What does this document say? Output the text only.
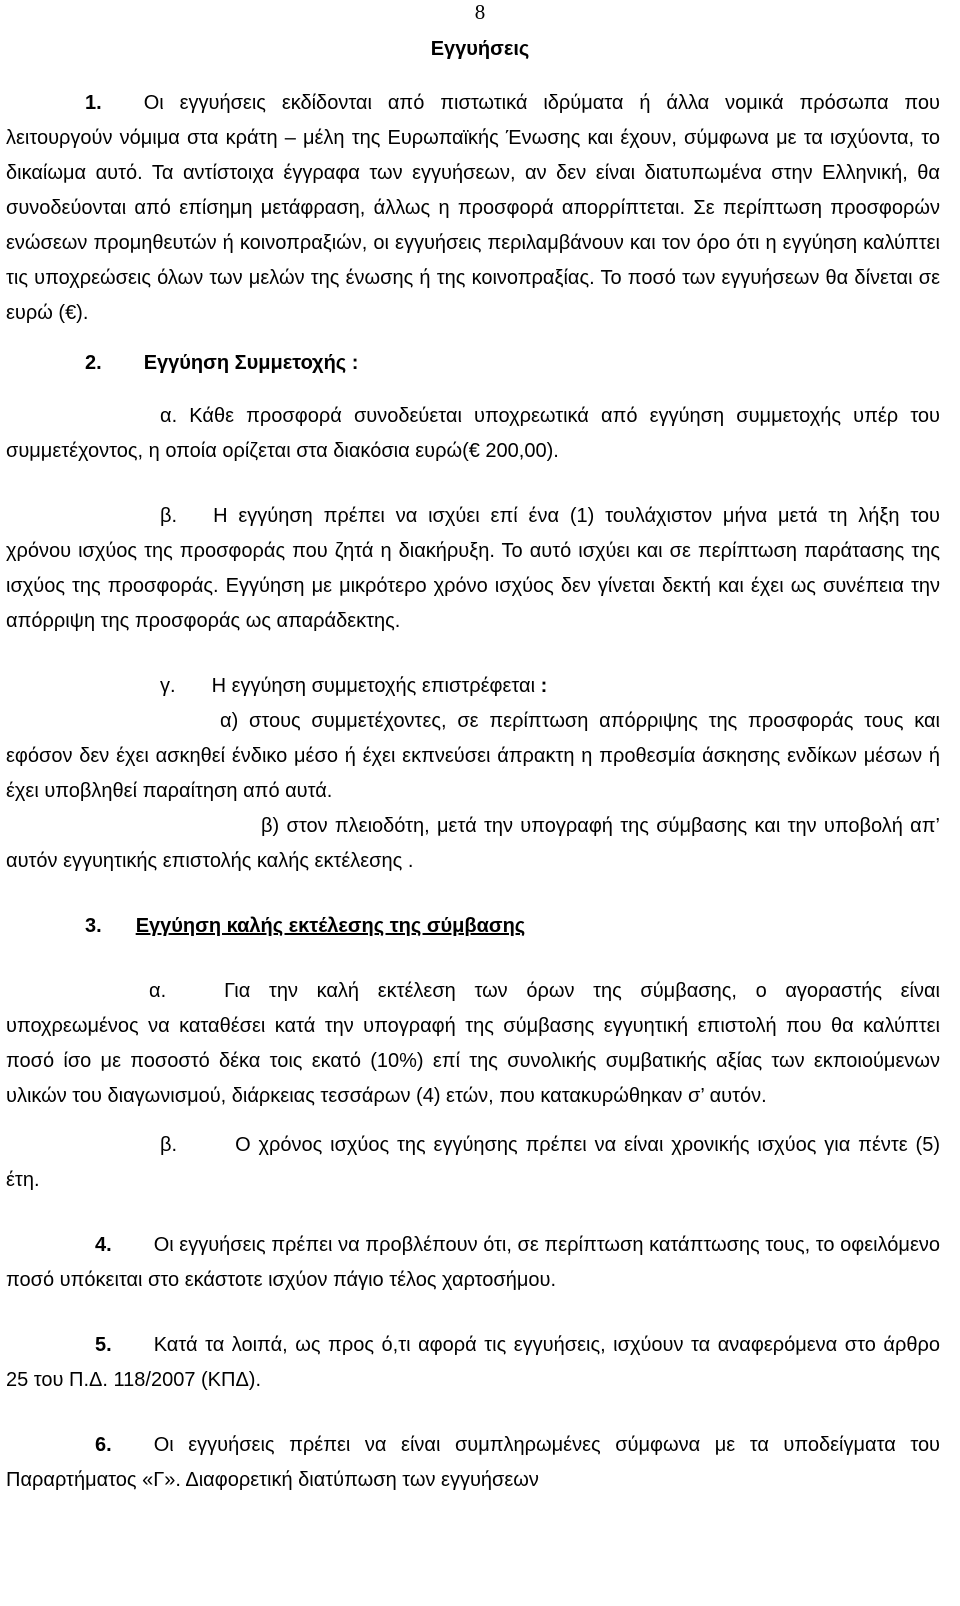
8
Εγγυήσεις

1. Οι εγγυήσεις εκδίδονται από πιστωτικά ιδρύματα ή άλλα νομικά πρόσωπα που λειτουργούν νόμιμα στα κράτη – μέλη της Ευρωπαϊκής Ένωσης και έχουν, σύμφωνα με τα ισχύοντα, το δικαίωμα αυτό. Τα αντίστοιχα έγγραφα των εγγυήσεων, αν δεν είναι διατυπωμένα στην Ελληνική, θα συνοδεύονται από επίσημη μετάφραση, άλλως η προσφορά απορρίπτεται. Σε περίπτωση προσφορών ενώσεων προμηθευτών ή κοινοπραξιών, οι εγγυήσεις περιλαμβάνουν και τον όρο ότι η εγγύηση καλύπτει τις υποχρεώσεις όλων των μελών της ένωσης ή της κοινοπραξίας. Το ποσό των εγγυήσεων θα δίνεται σε ευρώ (€).

2. Εγγύηση Συμμετοχής :

α. Κάθε προσφορά συνοδεύεται υποχρεωτικά από εγγύηση συμμετοχής υπέρ του συμμετέχοντος, η οποία ορίζεται στα διακόσια ευρώ(€ 200,00).

β. Η εγγύηση πρέπει να ισχύει επί ένα (1) τουλάχιστον μήνα μετά τη λήξη του χρόνου ισχύος της προσφοράς που ζητά η διακήρυξη. Το αυτό ισχύει και σε περίπτωση παράτασης της ισχύος της προσφοράς. Εγγύηση με μικρότερο χρόνο ισχύος δεν γίνεται δεκτή και έχει ως συνέπεια την απόρριψη της προσφοράς ως απαράδεκτης.

γ. Η εγγύηση συμμετοχής επιστρέφεται :

α) στους συμμετέχοντες, σε περίπτωση απόρριψης της προσφοράς τους και εφόσον δεν έχει ασκηθεί ένδικο μέσο ή έχει εκπνεύσει άπρακτη η προθεσμία άσκησης ενδίκων μέσων ή έχει υποβληθεί παραίτηση από αυτά.

β) στον πλειοδότη, μετά την υπογραφή της σύμβασης και την υποβολή απ’ αυτόν εγγυητικής επιστολής καλής εκτέλεσης .

3. Εγγύηση καλής εκτέλεσης της σύμβασης

α.	Για την καλή εκτέλεση των όρων της σύμβασης, ο αγοραστής είναι υποχρεωμένος να καταθέσει κατά την υπογραφή της σύμβασης εγγυητική επιστολή που θα καλύπτει ποσό ίσο με ποσοστό δέκα τοις εκατό (10%) επί της συνολικής συμβατικής αξίας των εκποιούμενων υλικών του διαγωνισμού, διάρκειας τεσσάρων (4) ετών, που κατακυρώθηκαν σ’ αυτόν.

β.	Ο χρόνος ισχύος της εγγύησης πρέπει να είναι χρονικής ισχύος για πέντε (5) έτη.

4. Οι εγγυήσεις πρέπει να προβλέπουν ότι, σε περίπτωση κατάπτωσης τους, το οφειλόμενο ποσό υπόκειται στο εκάστοτε ισχύον πάγιο τέλος χαρτοσήμου.

5. Κατά τα λοιπά, ως προς ό,τι αφορά τις εγγυήσεις, ισχύουν τα αναφερόμενα στο άρθρο 25 του Π.Δ. 118/2007 (ΚΠΔ).

6. Οι εγγυήσεις πρέπει να είναι συμπληρωμένες σύμφωνα με τα υποδείγματα του Παραρτήματος «Γ». Διαφορετική διατύπωση των εγγυήσεων
